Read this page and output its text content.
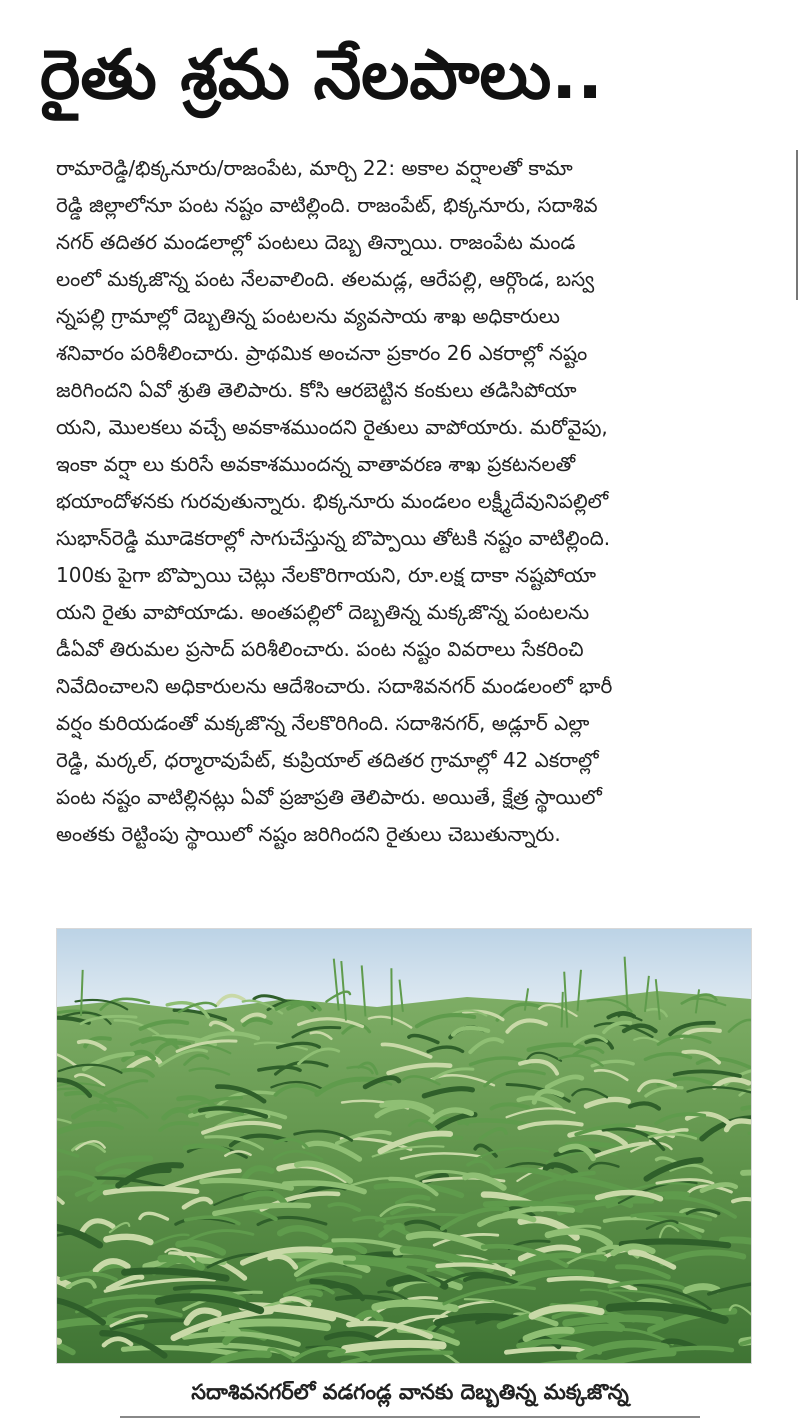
రైతు శ్రమ నేలపాలు..
రామారెడ్డి/భిక్కనూరు/రాజంపేట, మార్చి 22: అకాల వర్షాలతో కామా
రెడ్డి జిల్లాలోనూ పంట నష్టం వాటిల్లింది. రాజంపేట్, భిక్కనూరు, సదాశివ
నగర్ తదితర మండలాల్లో పంటలు దెబ్బ తిన్నాయి. రాజంపేట మండ
లంలో మక్కజొన్న పంట నేలవాలింది. తలమడ్ల, ఆరేపల్లి, ఆర్గొండ, బస్వ
న్నపల్లి గ్రామాల్లో దెబ్బతిన్న పంటలను వ్యవసాయ శాఖ అధికారులు
శనివారం పరిశీలించారు. ప్రాథమిక అంచనా ప్రకారం 26 ఎకరాల్లో నష్టం
జరిగిందని ఏవో శ్రుతి తెలిపారు. కోసి ఆరబెట్టిన కంకులు తడిసిపోయా
యని, మొలకలు వచ్చే అవకాశముందని రైతులు వాపోయారు. మరోవైపు,
ఇంకా వర్షా లు కురిసే అవకాశముందన్న వాతావరణ శాఖ ప్రకటనలతో
భయాందోళనకు గురవుతున్నారు. భిక్కనూరు మండలం లక్ష్మీదేవునిపల్లిలో
సుభాన్‌రెడ్డి మూడెకరాల్లో సాగుచేస్తున్న బొప్పాయి తోటకి నష్టం వాటిల్లింది.
100కు పైగా బొప్పాయి చెట్లు నేలకొరిగాయని, రూ.లక్ష దాకా నష్టపోయా
యని రైతు వాపోయాడు. అంతపల్లిలో దెబ్బతిన్న మక్కజొన్న పంటలను
డీఏవో తిరుమల ప్రసాద్ పరిశీలించారు. పంట నష్టం వివరాలు సేకరించి
నివేదించాలని అధికారులను ఆదేశించారు. సదాశివనగర్ మండలంలో భారీ
వర్షం కురియడంతో మక్కజొన్న నేలకొరిగింది. సదాశినగర్, అడ్లూర్ ఎల్లా
రెడ్డి, మర్కల్, ధర్మారావుపేట్, కుప్రియాల్ తదితర గ్రామాల్లో 42 ఎకరాల్లో
పంట నష్టం వాటిల్లినట్లు ఏవో ప్రజాప్రతి తెలిపారు. అయితే, క్షేత్ర స్థాయిలో
అంతకు రెట్టింపు స్థాయిలో నష్టం జరిగిందని రైతులు చెబుతున్నారు.
సదాశివనగర్‌లో వడగండ్ల వానకు దెబ్బతిన్న మక్కజొన్న
